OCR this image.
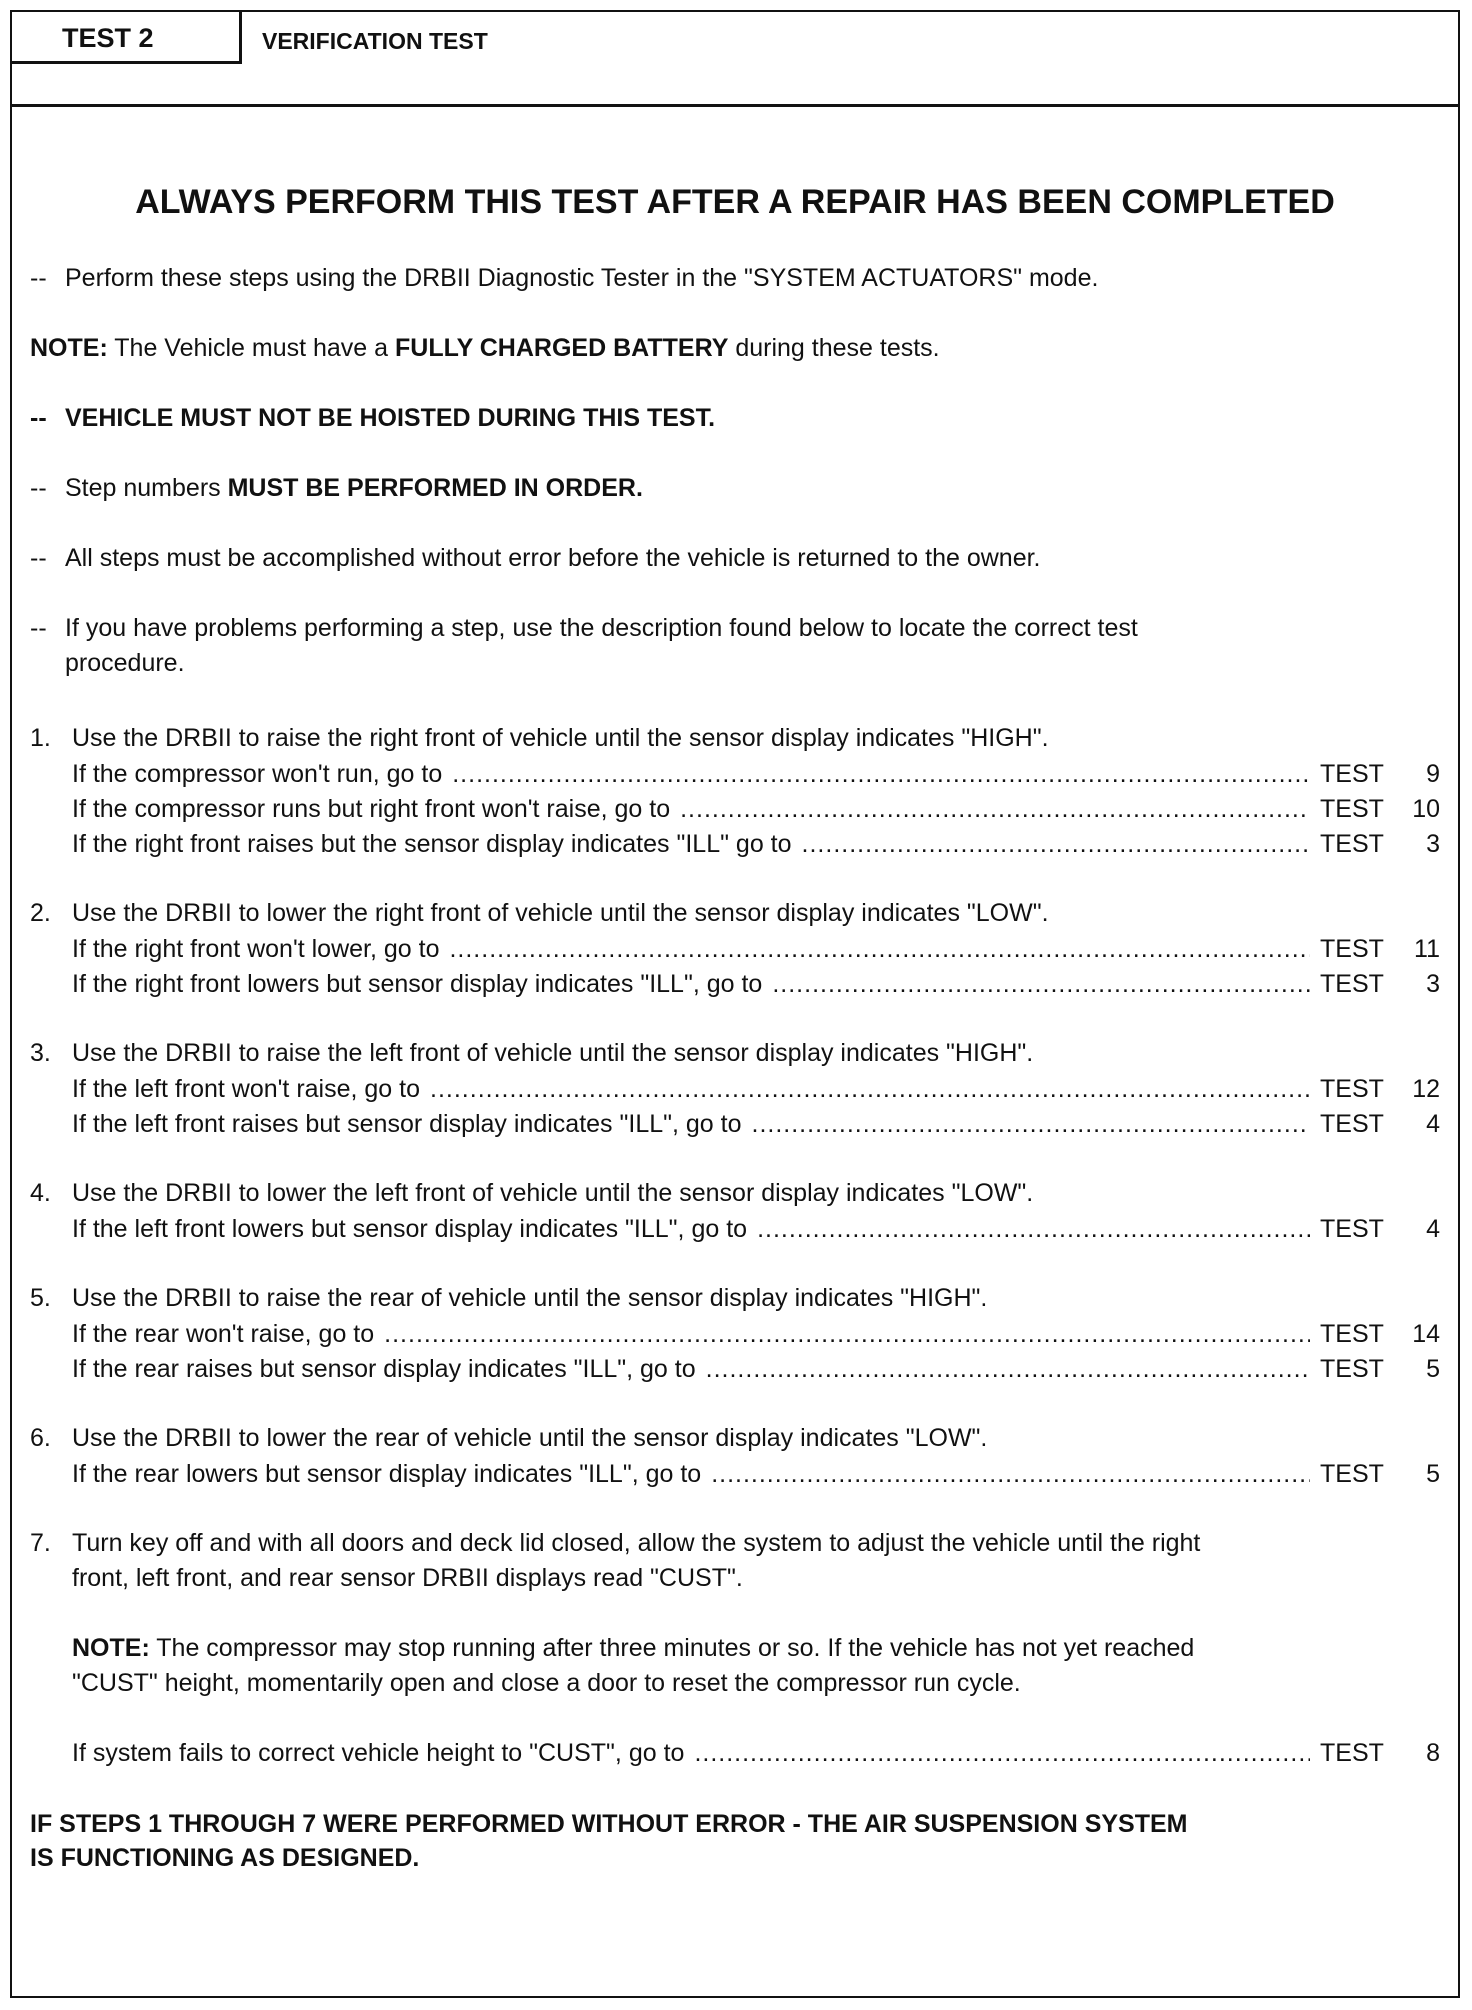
TEST 2	VERIFICATION TEST
ALWAYS PERFORM THIS TEST AFTER A REPAIR HAS BEEN COMPLETED
-- Perform these steps using the DRBII Diagnostic Tester in the "SYSTEM ACTUATORS" mode.
NOTE: The Vehicle must have a FULLY CHARGED BATTERY during these tests.
-- VEHICLE MUST NOT BE HOISTED DURING THIS TEST.
-- Step numbers MUST BE PERFORMED IN ORDER.
-- All steps must be accomplished without error before the vehicle is returned to the owner.
-- If you have problems performing a step, use the description found below to locate the correct test
procedure.
1. Use the DRBII to raise the right front of vehicle until the sensor display indicates "HIGH".
If the compressor won't run, go to .....	TEST	9
If the compressor runs but right front won't raise, go to .....	TEST	10
If the right front raises but the sensor display indicates "ILL" go to .....	TEST	3
2. Use the DRBII to lower the right front of vehicle until the sensor display indicates "LOW".
If the right front won't lower, go to .....	TEST	11
If the right front lowers but sensor display indicates "ILL", go to .....	TEST	3
3. Use the DRBII to raise the left front of vehicle until the sensor display indicates "HIGH".
If the left front won't raise, go to .....	TEST	12
If the left front raises but sensor display indicates "ILL", go to .....	TEST	4
4. Use the DRBII to lower the left front of vehicle until the sensor display indicates "LOW".
If the left front lowers but sensor display indicates "ILL", go to .....	TEST	4
5. Use the DRBII to raise the rear of vehicle until the sensor display indicates "HIGH".
If the rear won't raise, go to .....	TEST	14
If the rear raises but sensor display indicates "ILL", go to .....	TEST	5
6. Use the DRBII to lower the rear of vehicle until the sensor display indicates "LOW".
If the rear lowers but sensor display indicates "ILL", go to .....	TEST	5
7. Turn key off and with all doors and deck lid closed, allow the system to adjust the vehicle until the right
front, left front, and rear sensor DRBII displays read "CUST".
NOTE: The compressor may stop running after three minutes or so. If the vehicle has not yet reached
"CUST" height, momentarily open and close a door to reset the compressor run cycle.
If system fails to correct vehicle height to "CUST", go to .....	TEST	8
IF STEPS 1 THROUGH 7 WERE PERFORMED WITHOUT ERROR - THE AIR SUSPENSION SYSTEM
IS FUNCTIONING AS DESIGNED.
